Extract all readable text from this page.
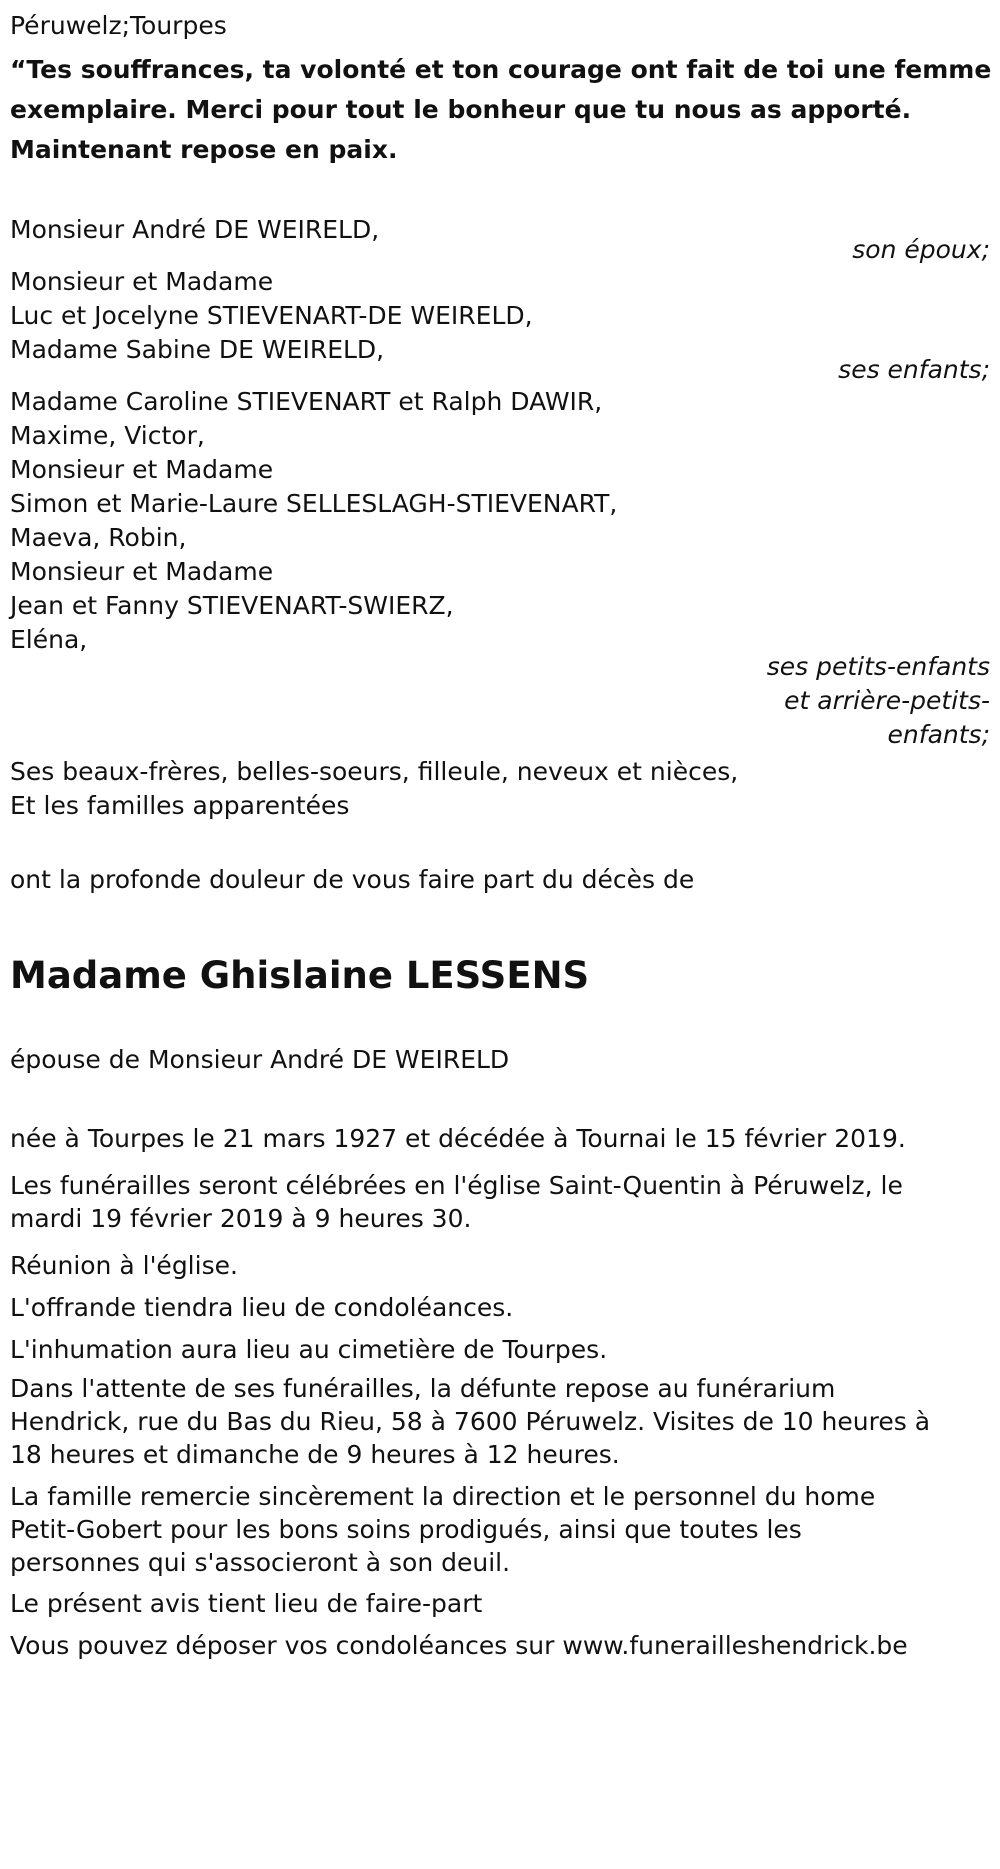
Péruwelz;Tourpes
“Tes souffrances, ta volonté et ton courage ont fait de toi une femme
exemplaire. Merci pour tout le bonheur que tu nous as apporté.
Maintenant repose en paix.
Monsieur André DE WEIRELD,
son époux;
Monsieur et Madame
Luc et Jocelyne STIEVENART-DE WEIRELD,
Madame Sabine DE WEIRELD,
ses enfants;
Madame Caroline STIEVENART et Ralph DAWIR,
Maxime, Victor,
Monsieur et Madame
Simon et Marie-Laure SELLESLAGH-STIEVENART,
Maeva, Robin,
Monsieur et Madame
Jean et Fanny STIEVENART-SWIERZ,
Eléna,
ses petits-enfants
et arrière-petits-
enfants;
Ses beaux-frères, belles-soeurs, filleule, neveux et nièces,
Et les familles apparentées
ont la profonde douleur de vous faire part du décès de
Madame Ghislaine LESSENS
épouse de Monsieur André DE WEIRELD
née à Tourpes le 21 mars 1927 et décédée à Tournai le 15 février 2019.
Les funérailles seront célébrées en l'église Saint-Quentin à Péruwelz, le
mardi 19 février 2019 à 9 heures 30.
Réunion à l'église.
L'offrande tiendra lieu de condoléances.
L'inhumation aura lieu au cimetière de Tourpes.
Dans l'attente de ses funérailles, la défunte repose au funérarium
Hendrick, rue du Bas du Rieu, 58 à 7600 Péruwelz. Visites de 10 heures à
18 heures et dimanche de 9 heures à 12 heures.
La famille remercie sincèrement la direction et le personnel du home
Petit-Gobert pour les bons soins prodigués, ainsi que toutes les
personnes qui s'associeront à son deuil.
Le présent avis tient lieu de faire-part
Vous pouvez déposer vos condoléances sur www.funerailleshendrick.be
